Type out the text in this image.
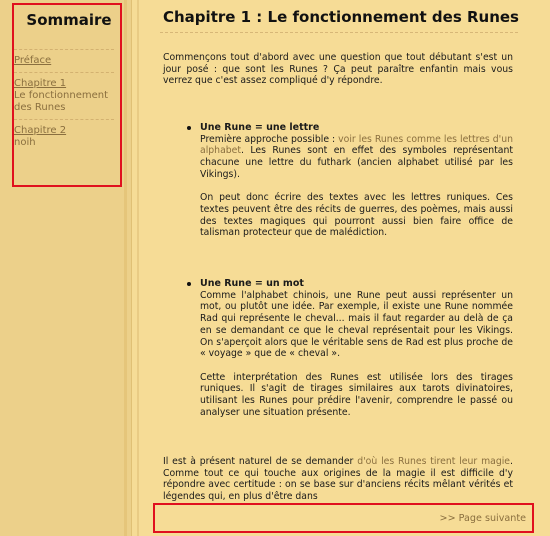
Sommaire
Préface
Chapitre 1
Le fonctionnement des Runes
Chapitre 2
noih
Chapitre 1 : Le fonctionnement des Runes

Commençons tout d'abord avec une question que tout débutant s'est un jour posé : que sont les Runes ? Ça peut paraître enfantin mais vous verrez que c'est assez compliqué d'y répondre.

Une Rune = une lettre

Première approche possible : voir les Runes comme les lettres d'un alphabet. Les Runes sont en effet des symboles représentant chacune une lettre du futhark (ancien alphabet utilisé par les Vikings).

On peut donc écrire des textes avec les lettres runiques. Ces textes peuvent être des récits de guerres, des poèmes, mais aussi des textes magiques qui pourront aussi bien faire office de talisman protecteur que de malédiction.

Une Rune = un mot

Comme l'alphabet chinois, une Rune peut aussi représenter un mot, ou plutôt une idée. Par exemple, il existe une Rune nommée Rad qui représente le cheval... mais il faut regarder au delà de ça en se demandant ce que le cheval représentait pour les Vikings. On s'aperçoit alors que le véritable sens de Rad est plus proche de « voyage » que de « cheval ».

Cette interprétation des Runes est utilisée lors des tirages runiques. Il s'agit de tirages similaires aux tarots divinatoires, utilisant les Runes pour prédire l'avenir, comprendre le passé ou analyser une situation présente.

Il est à présent naturel de se demander d'où les Runes tirent leur magie. Comme tout ce qui touche aux origines de la magie il est difficile d'y répondre avec certitude : on se base sur d'anciens récits mêlant vérités et légendes qui, en plus d'être dans

>> Page suivante
